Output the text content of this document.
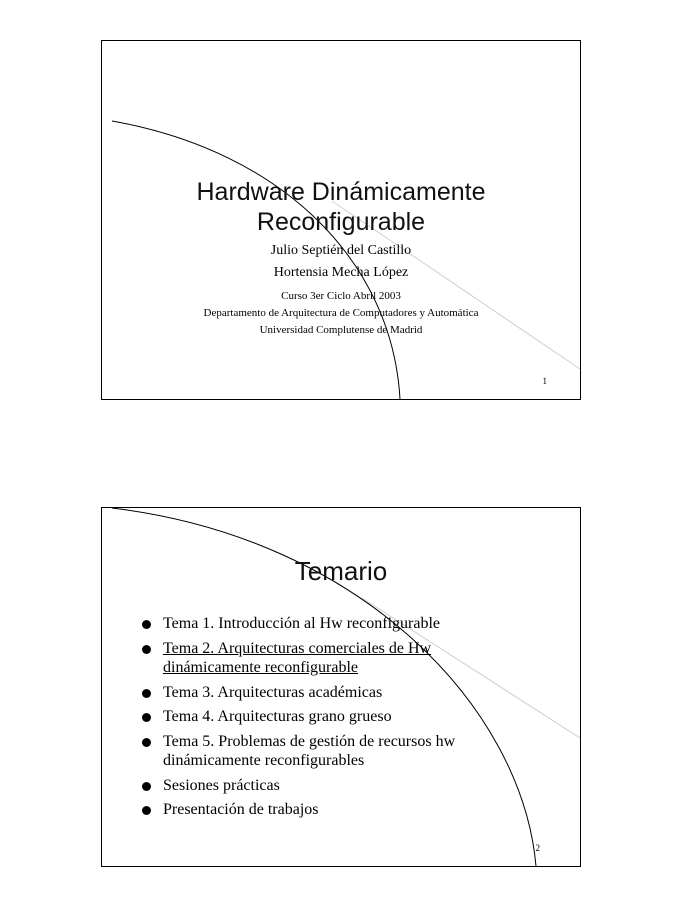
Hardware Dinámicamente
Reconfigurable
Julio Septién del Castillo
Hortensia Mecha López
Curso 3er Ciclo Abril 2003
Departamento de Arquitectura de Computadores y Automática
Universidad Complutense de Madrid
1
Temario
Tema 1. Introducción al Hw reconfigurable
Tema 2. Arquitecturas comerciales de Hw
dinámicamente reconfigurable
Tema 3. Arquitecturas académicas
Tema 4. Arquitecturas grano grueso
Tema 5. Problemas de gestión de recursos hw
dinámicamente reconfigurables
Sesiones prácticas
Presentación de trabajos
2
